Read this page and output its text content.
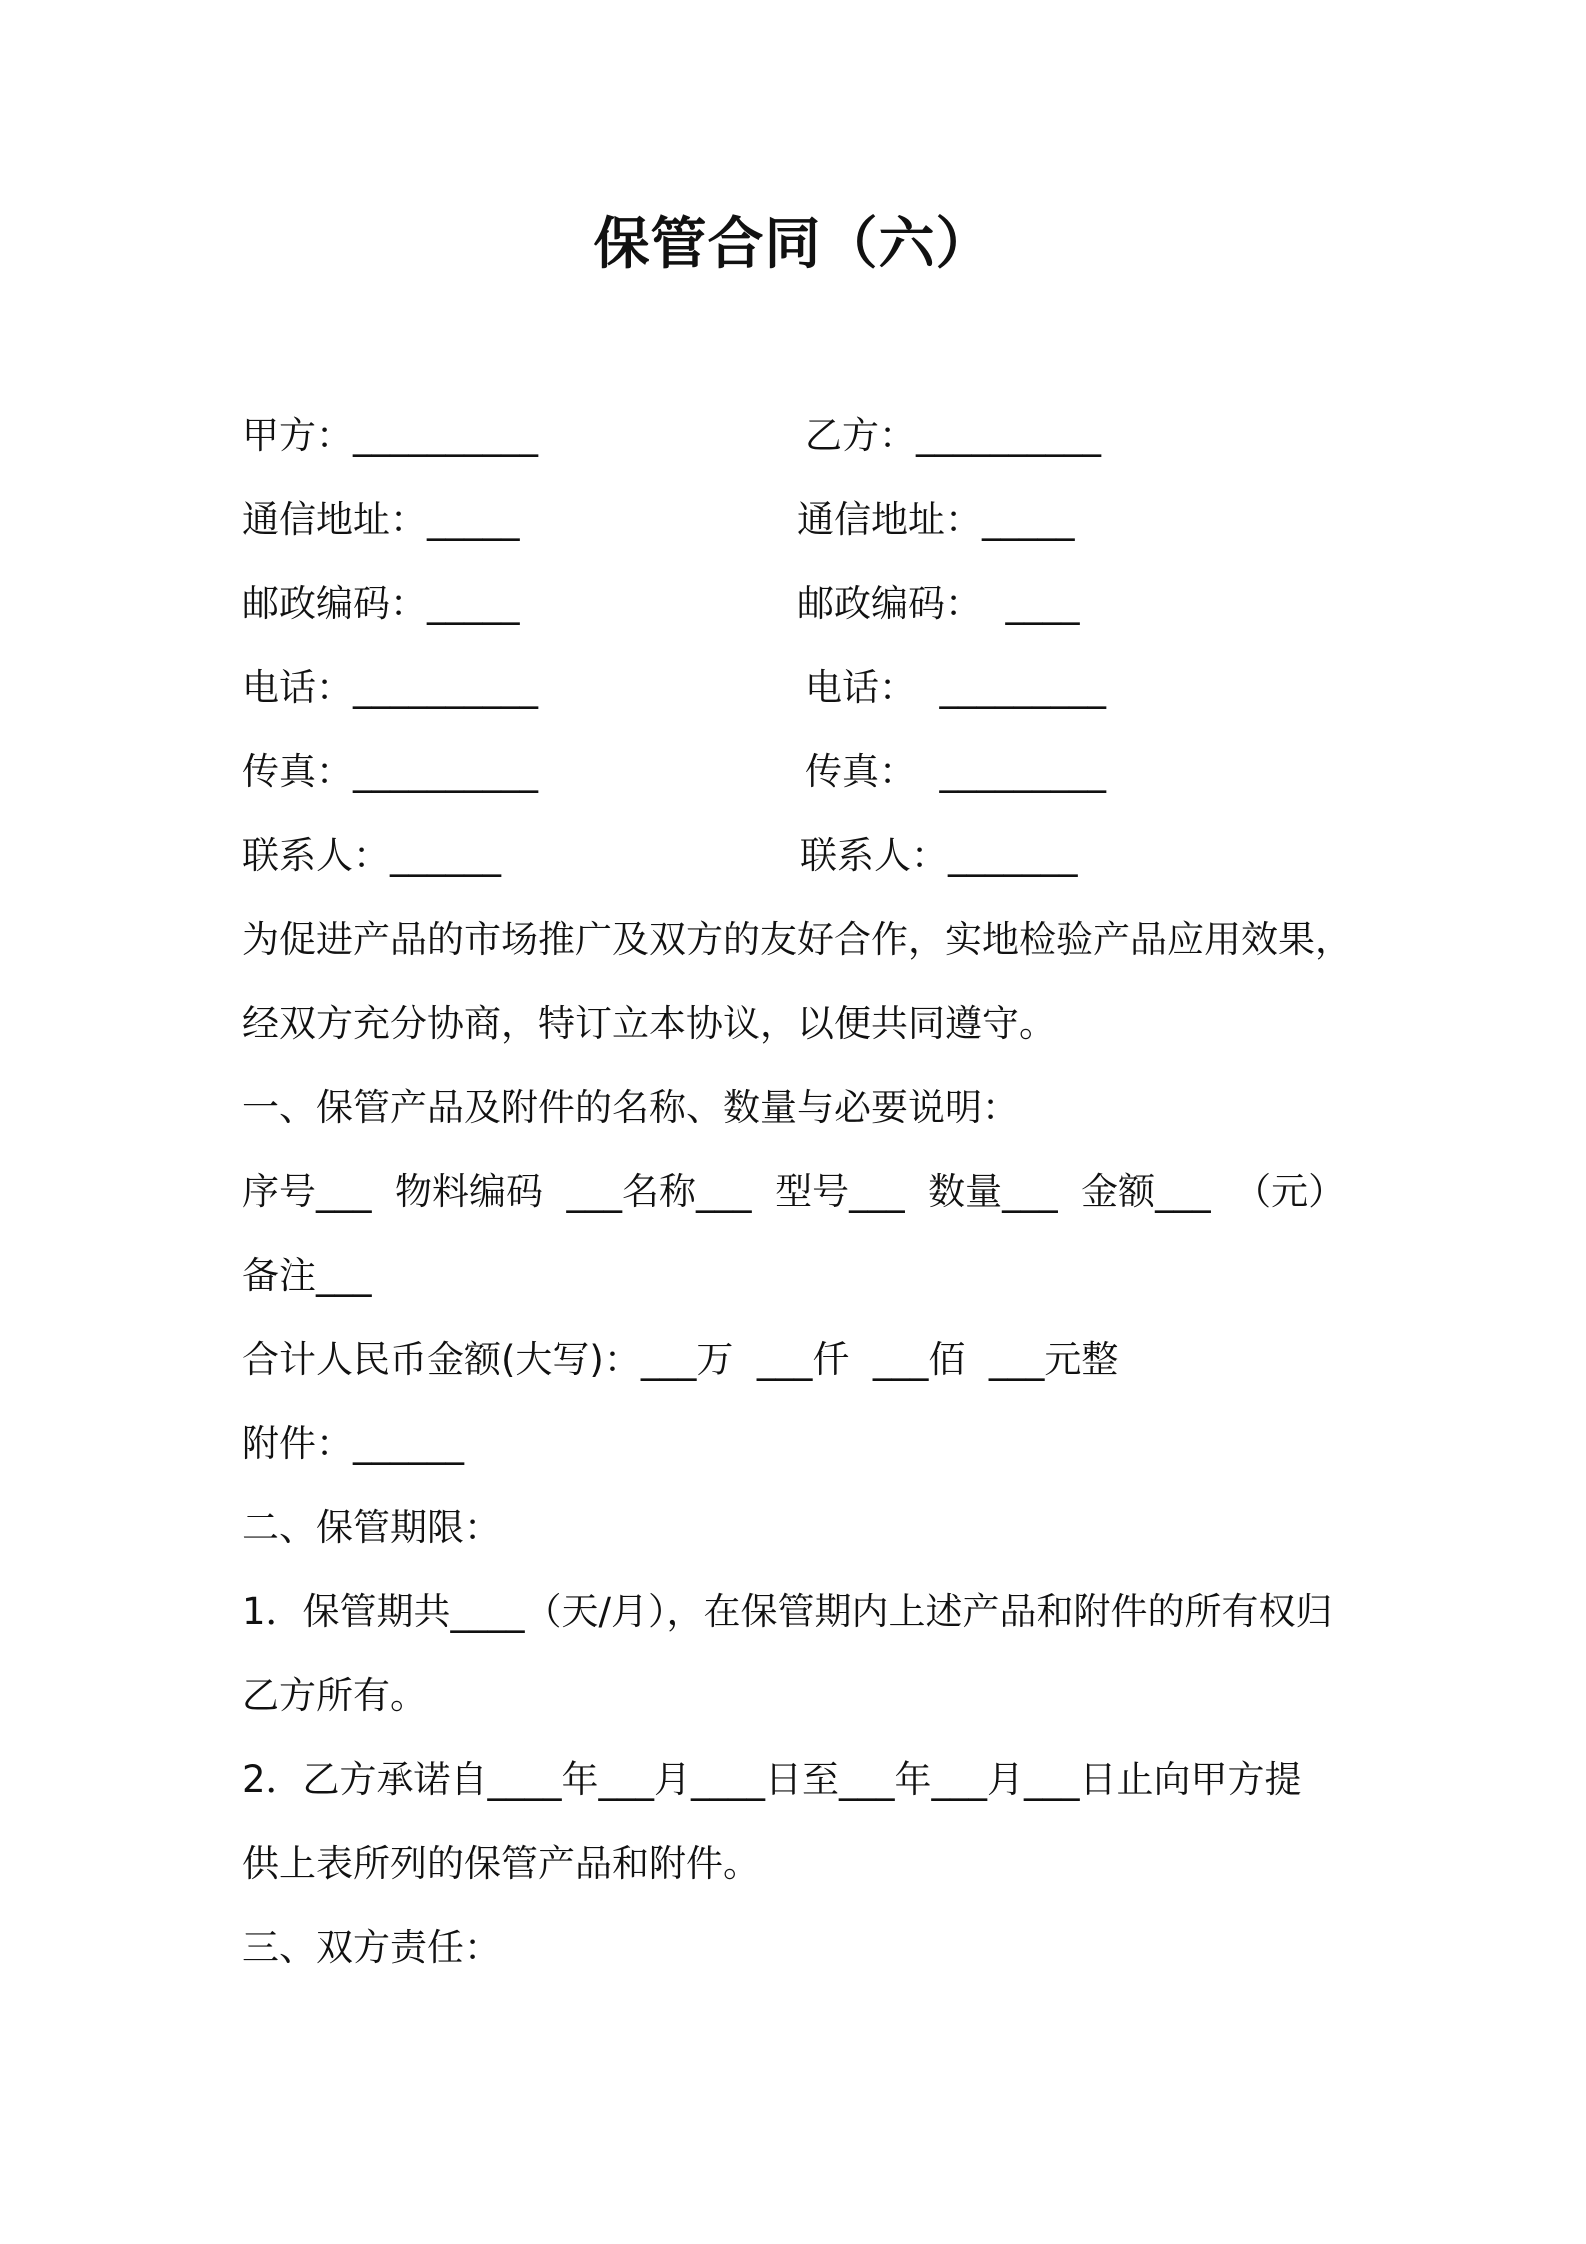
保管合同（六）
甲方：__________	乙方：__________
通信地址：_____	通信地址：_____
邮政编码：_____	邮政编码：  ____
电话：__________	电话：  _________
传真：__________	传真：  _________
联系人：______	联系人：_______
为促进产品的市场推广及双方的友好合作，实地检验产品应用效果，
经双方充分协商，特订立本协议，以便共同遵守。
一、保管产品及附件的名称、数量与必要说明：
序号___  物料编码  ___名称___  型号___  数量___  金额___  （元）
备注___
合计人民币金额(大写)：___万  ___仟  ___佰  ___元整
附件：______
二、保管期限：
1．保管期共____（天/月），在保管期内上述产品和附件的所有权归
乙方所有。
2．乙方承诺自____年___月____日至___年___月___日止向甲方提
供上表所列的保管产品和附件。
三、双方责任：
